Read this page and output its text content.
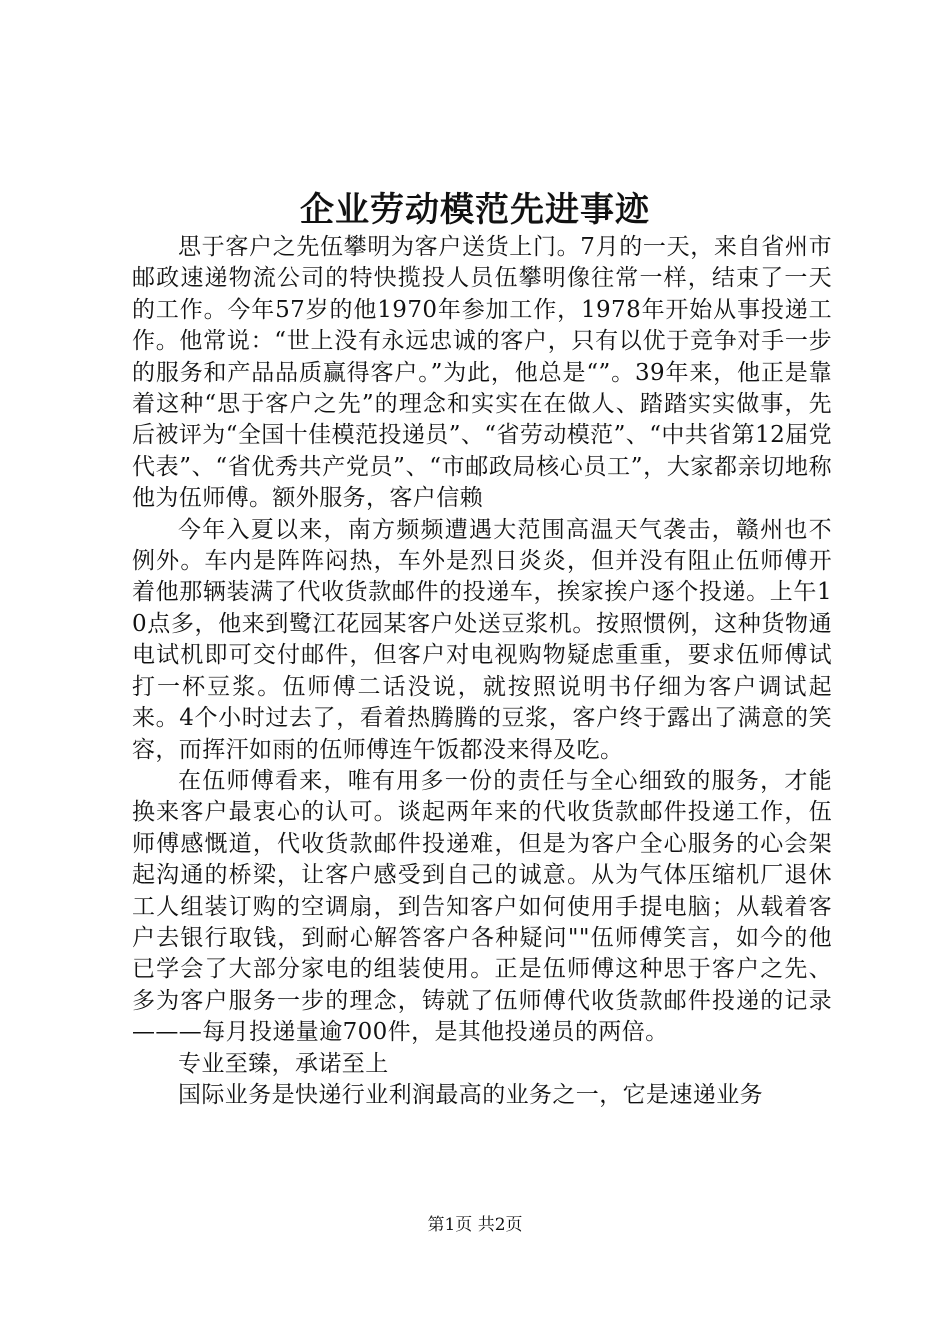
企业劳动模范先进事迹

思于客户之先伍攀明为客户送货上门。7月的一天，来自省州市邮政速递物流公司的特快揽投人员伍攀明像往常一样，结束了一天的工作。今年57岁的他1970年参加工作，1978年开始从事投递工作。他常说：“世上没有永远忠诚的客户，只有以优于竞争对手一步的服务和产品品质赢得客户。”为此，他总是“”。39年来，他正是靠着这种“思于客户之先”的理念和实实在在做人、踏踏实实做事，先后被评为“全国十佳模范投递员”、“省劳动模范”、“中共省第12届党代表”、“省优秀共产党员”、“市邮政局核心员工”，大家都亲切地称他为伍师傅。额外服务，客户信赖

今年入夏以来，南方频频遭遇大范围高温天气袭击，赣州也不例外。车内是阵阵闷热，车外是烈日炎炎，但并没有阻止伍师傅开着他那辆装满了代收货款邮件的投递车，挨家挨户逐个投递。上午10点多，他来到鹭江花园某客户处送豆浆机。按照惯例，这种货物通电试机即可交付邮件，但客户对电视购物疑虑重重，要求伍师傅试打一杯豆浆。伍师傅二话没说，就按照说明书仔细为客户调试起来。4个小时过去了，看着热腾腾的豆浆，客户终于露出了满意的笑容，而挥汗如雨的伍师傅连午饭都没来得及吃。

在伍师傅看来，唯有用多一份的责任与全心细致的服务，才能换来客户最衷心的认可。谈起两年来的代收货款邮件投递工作，伍师傅感慨道，代收货款邮件投递难，但是为客户全心服务的心会架起沟通的桥梁，让客户感受到自己的诚意。从为气体压缩机厂退休工人组装订购的空调扇，到告知客户如何使用手提电脑；从载着客户去银行取钱，到耐心解答客户各种疑问""伍师傅笑言，如今的他已学会了大部分家电的组装使用。正是伍师傅这种思于客户之先、多为客户服务一步的理念，铸就了伍师傅代收货款邮件投递的记录———每月投递量逾700件，是其他投递员的两倍。

专业至臻，承诺至上

国际业务是快递行业利润最高的业务之一，它是速递业务

第1页 共2页
